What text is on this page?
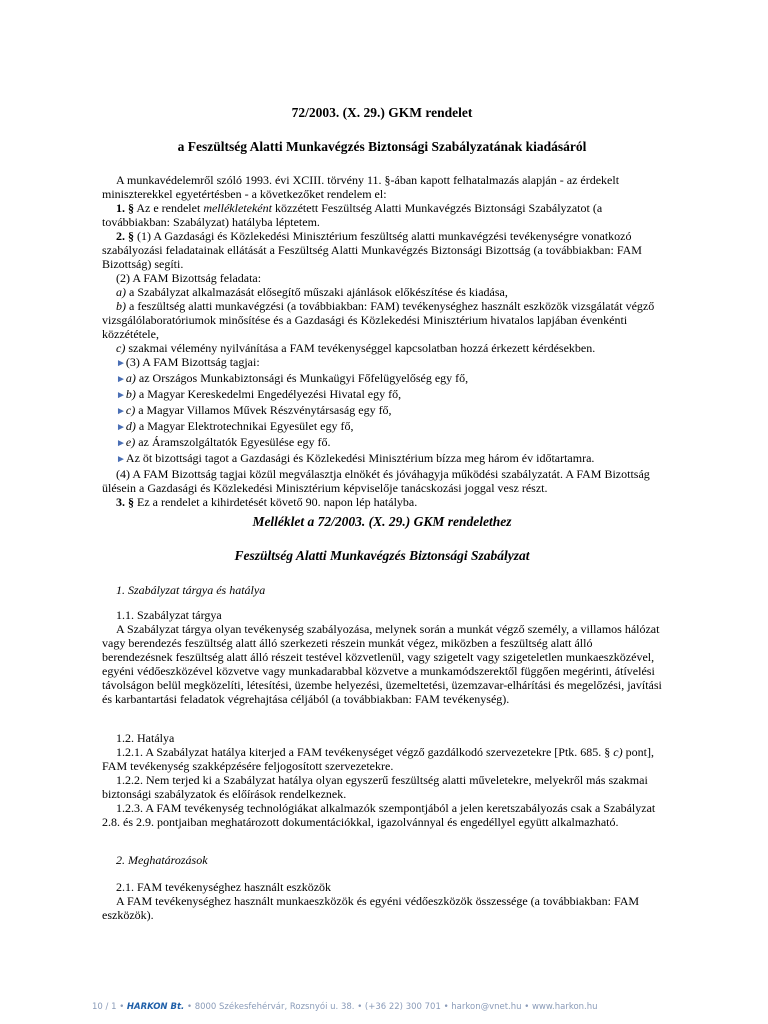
72/2003. (X. 29.) GKM rendelet
a Feszültség Alatti Munkavégzés Biztonsági Szabályzatának kiadásáról

A munkavédelemről szóló 1993. évi XCIII. törvény 11. §-ában kapott felhatalmazás alapján - az érdekelt miniszterekkel egyetértésben - a következőket rendelem el:

1. § Az e rendelet mellékleteként közzétett Feszültség Alatti Munkavégzés Biztonsági Szabályzatot (a továbbiakban: Szabályzat) hatályba léptetem.

2. § (1) A Gazdasági és Közlekedési Minisztérium feszültség alatti munkavégzési tevékenységre vonatkozó szabályozási feladatainak ellátását a Feszültség Alatti Munkavégzés Biztonsági Bizottság (a továbbiakban: FAM Bizottság) segíti.

(2) A FAM Bizottság feladata:

a) a Szabályzat alkalmazását elősegítő műszaki ajánlások előkészítése és kiadása,

b) a feszültség alatti munkavégzési (a továbbiakban: FAM) tevékenységhez használt eszközök vizsgálatát végző vizsgálólaboratóriumok minősítése és a Gazdasági és Közlekedési Minisztérium hivatalos lapjában évenkénti közzététele,

c) szakmai vélemény nyilvánítása a FAM tevékenységgel kapcsolatban hozzá érkezett kérdésekben.

►(3) A FAM Bizottság tagjai:

►a) az Országos Munkabiztonsági és Munkaügyi Főfelügyelőség egy fő,

►b) a Magyar Kereskedelmi Engedélyezési Hivatal egy fő,

►c) a Magyar Villamos Művek Részvénytársaság egy fő,

►d) a Magyar Elektrotechnikai Egyesület egy fő,

►e) az Áramszolgáltatók Egyesülése egy fő.

►Az öt bizottsági tagot a Gazdasági és Közlekedési Minisztérium bízza meg három év időtartamra.

(4) A FAM Bizottság tagjai közül megválasztja elnökét és jóváhagyja működési szabályzatát. A FAM Bizottság ülésein a Gazdasági és Közlekedési Minisztérium képviselője tanácskozási joggal vesz részt.

3. § Ez a rendelet a kihirdetését követő 90. napon lép hatályba.

Melléklet a 72/2003. (X. 29.) GKM rendelethez
Feszültség Alatti Munkavégzés Biztonsági Szabályzat
1. Szabályzat tárgya és hatálya

1.1. Szabályzat tárgya

A Szabályzat tárgya olyan tevékenység szabályozása, melynek során a munkát végző személy, a villamos hálózat vagy berendezés feszültség alatt álló szerkezeti részein munkát végez, miközben a feszültség alatt álló berendezésnek feszültség alatt álló részeit testével közvetlenül, vagy szigetelt vagy szigeteletlen munkaeszközével, egyéni védőeszközével közvetve vagy munkadarabbal közvetve a munkamódszerektől függően megérinti, átívelési távolságon belül megközelíti, létesítési, üzembe helyezési, üzemeltetési, üzemzavar-elhárítási és megelőzési, javítási és karbantartási feladatok végrehajtása céljából (a továbbiakban: FAM tevékenység).

1.2. Hatálya

1.2.1. A Szabályzat hatálya kiterjed a FAM tevékenységet végző gazdálkodó szervezetekre [Ptk. 685. § c) pont], FAM tevékenység szakképzésére feljogosított szervezetekre.

1.2.2. Nem terjed ki a Szabályzat hatálya olyan egyszerű feszültség alatti műveletekre, melyekről más szakmai biztonsági szabályzatok és előírások rendelkeznek.

1.2.3. A FAM tevékenység technológiákat alkalmazók szempontjából a jelen keretszabályozás csak a Szabályzat 2.8. és 2.9. pontjaiban meghatározott dokumentációkkal, igazolvánnyal és engedéllyel együtt alkalmazható.

2. Meghatározások

2.1. FAM tevékenységhez használt eszközök

A FAM tevékenységhez használt munkaeszközök és egyéni védőeszközök összessége (a továbbiakban: FAM eszközök).

10 / 1 • HARKON Bt. • 8000 Székesfehérvár, Rozsnyói u. 38. • (+36 22) 300 701 • harkon@vnet.hu • www.harkon.hu
